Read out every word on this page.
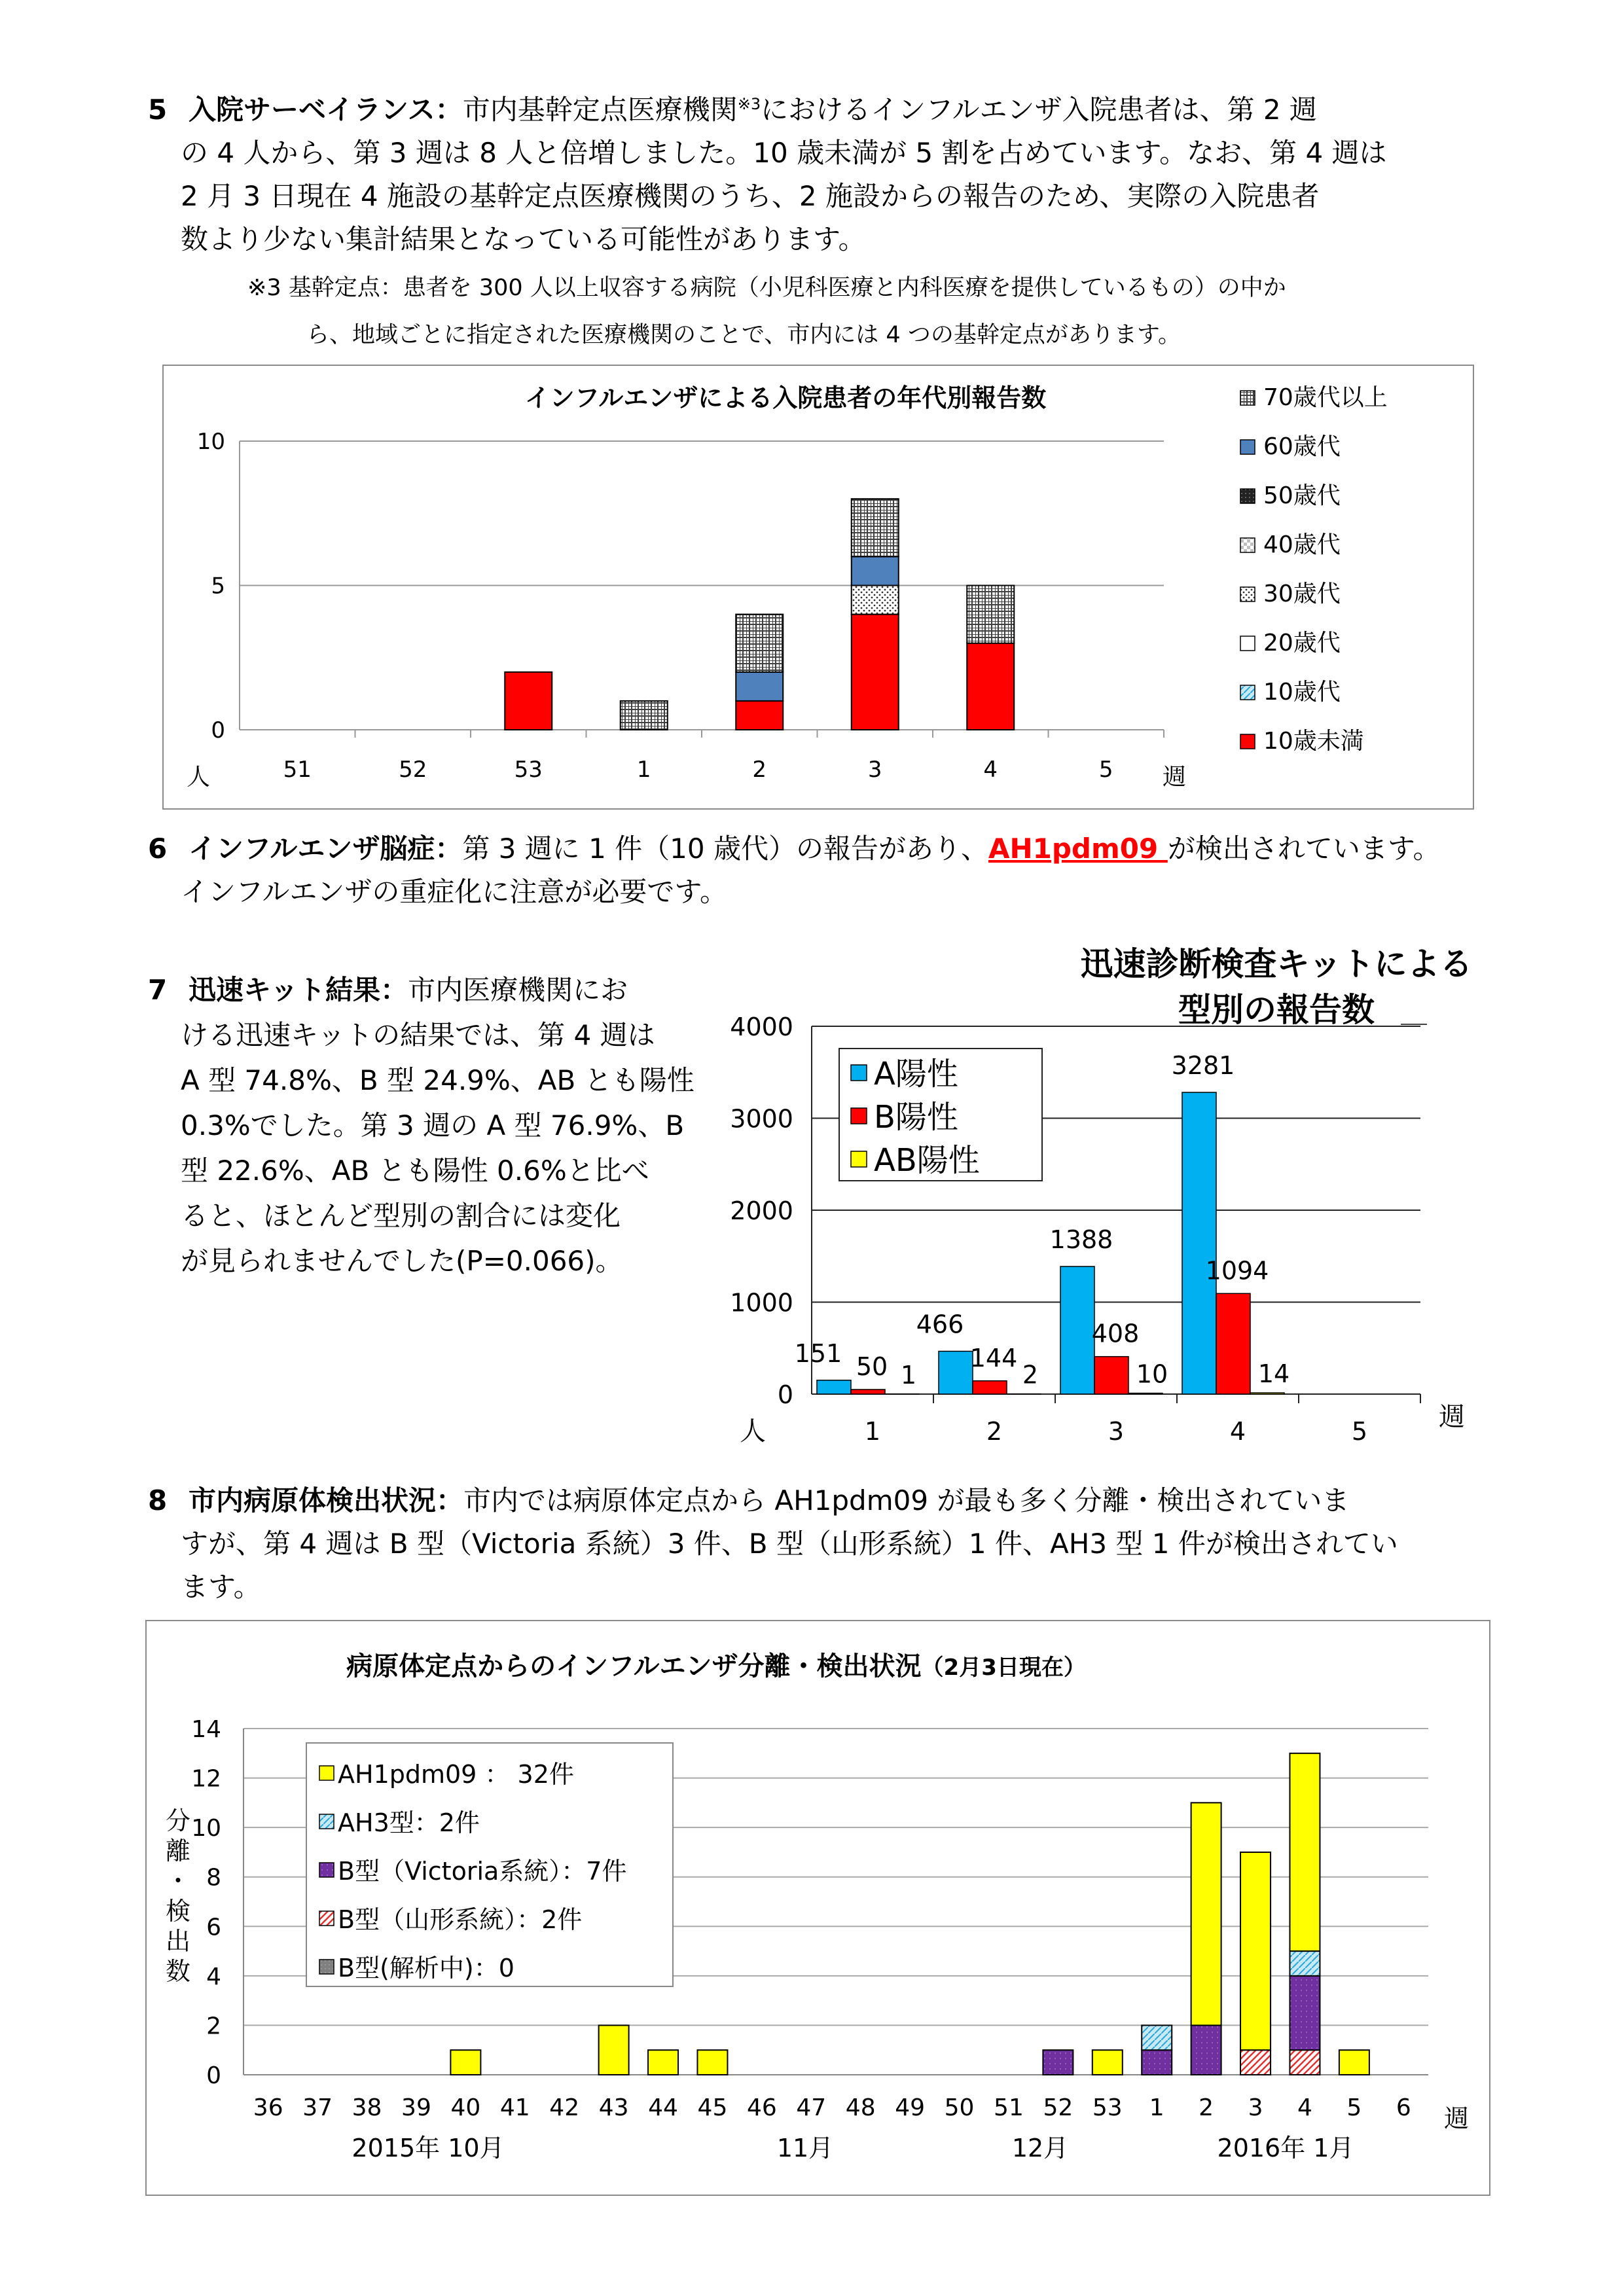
5 入院サーベイランス：市内基幹定点医療機関$^{※3}$におけるインフルエンザ入院患者は、第 2 週
の 4 人から、第 3 週は 8 人と倍増しました。10 歳未満が 5 割を占めています。なお、第 4 週は
2 月 3 日現在 4 施設の基幹定点医療機関のうち、2 施設からの報告のため、実際の入院患者
数より少ない集計結果となっている可能性があります。
※3 基幹定点：患者を 300 人以上収容する病院（小児科医療と内科医療を提供しているもの）の中か
ら、地域ごとに指定された医療機関のことで、市内には 4 つの基幹定点があります。
インフルエンザによる入院患者の年代別報告数
51	52	53	1	2	3	4	5
0
5
10
70歳代以上
60歳代
50歳代
40歳代
30歳代
20歳代
10歳代
10歳未満
人	週
6 インフルエンザ脳症：第 3 週に 1 件（10 歳代）の報告があり、AH1pdm09 が検出されています。
インフルエンザの重症化に注意が必要です。
7 迅速キット結果：市内医療機関にお
ける迅速キットの結果では、第 4 週は
A 型 74.8%、B 型 24.9%、AB とも陽性
0.3%でした。第 3 週の A 型 76.9%、B
型 22.6%、AB とも陽性 0.6%と比べ
ると、ほとんど型別の割合には変化
が見られませんでした(P=0.066)。
迅速診断検査キットによる
型別の報告数
151 50 1
466
144
2
1388
408
10
3281
1094
14
1	2	3	4	5
0
1000
2000
3000
4000
A陽性
B陽性
AB陽性
人	週
8 市内病原体検出状況：市内では病原体定点から AH1pdm09 が最も多く分離・検出されていま
すが、第 4 週は B 型（Victoria 系統）3 件、B 型（山形系統）1 件、AH3 型 1 件が検出されてい
ます。
病原体定点からのインフルエンザ分離・検出状況（2月3日現在）
36 37 38 39 40 41 42 43 44 45 46 47 48 49 50 51 52 53 1 2 3 4 5 6
0
2
4
6
8
10
12
14
分
離
・
検
出
数
2015年 10月	11月	12月	2016年 1月
AH1pdm09 ： 32件
AH3型：2件
B型（Victoria系統）：7件
B型（山形系統）：2件
B型(解析中)：0
週
